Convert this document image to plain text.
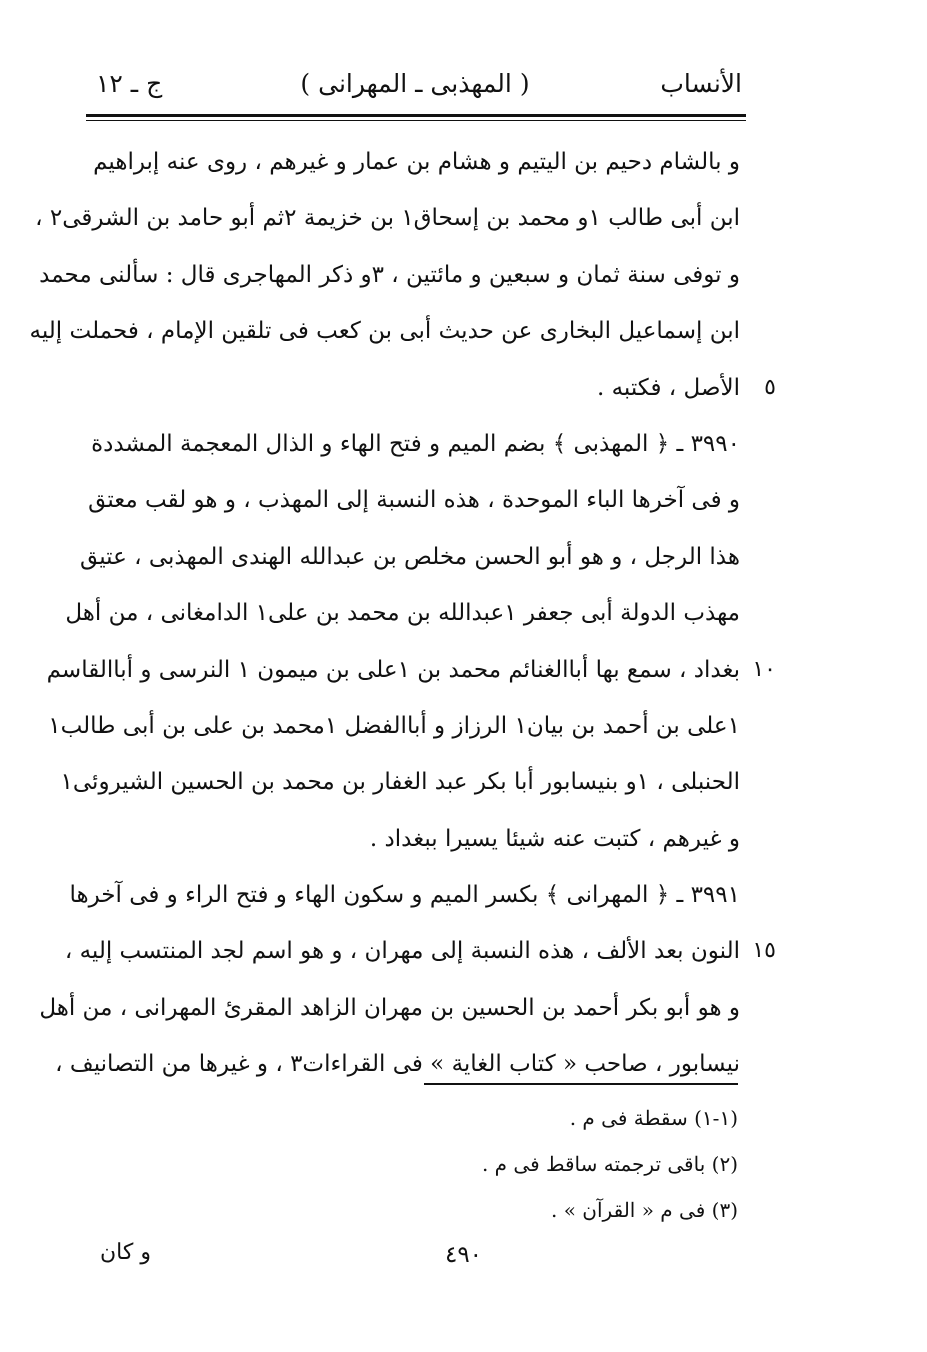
الأنساب
( المهذبى ـ المهرانى )
ج ـ ١٢
و بالشام دحيم بن اليتيم و هشام بن عمار و غيرهم ، روى عنه إبراهيم
ابن أبى طالب ١و محمد بن إسحاق١ بن خزيمة ٢ثم أبو حامد بن الشرقى٢ ،
و توفى سنة ثمان و سبعين و مائتين ، ٣و ذكر المهاجرى قال : سألنى محمد
ابن إسماعيل البخارى عن حديث أبى بن كعب فى تلقين الإمام ، فحملت إليه
٥
الأصل ، فكتبه .
٣٩٩٠ ـ ﴿ المهذبى ﴾ بضم الميم و فتح الهاء و الذال المعجمة المشددة
و فى آخرها الباء الموحدة ، هذه النسبة إلى المهذب ، و هو لقب معتق
هذا الرجل ، و هو أبو الحسن مخلص بن عبدالله الهندى المهذبى ، عتيق
مهذب الدولة أبى جعفر ١عبدالله بن محمد بن على١ الدامغانى ، من أهل
١٠
بغداد ، سمع بها أباالغنائم محمد بن ١على بن ميمون ١ النرسى و أباالقاسم
١على بن أحمد بن بيان١ الرزاز و أباالفضل ١محمد بن على بن أبى طالب١
الحنبلى ، ١و بنيسابور أبا بكر عبد الغفار بن محمد بن الحسين الشيروئى١
و غيرهم ، كتبت عنه شيئا يسيرا ببغداد .
٣٩٩١ ـ ﴿ المهرانى ﴾ بكسر الميم و سكون الهاء و فتح الراء و فى آخرها
١٥
النون بعد الألف ، هذه النسبة إلى مهران ، و هو اسم لجد المنتسب إليه ،
و هو أبو بكر أحمد بن الحسين بن مهران الزاهد المقرئ المهرانى ، من أهل
نيسابور ، صاحب « كتاب الغاية » فى القراءات٣ ، و غيرها من التصانيف ،
(١-١) سقطة فى م .
(٢) باقى ترجمته ساقط فى م .
(٣) فى م « القرآن » .
٤٩٠
و كان
